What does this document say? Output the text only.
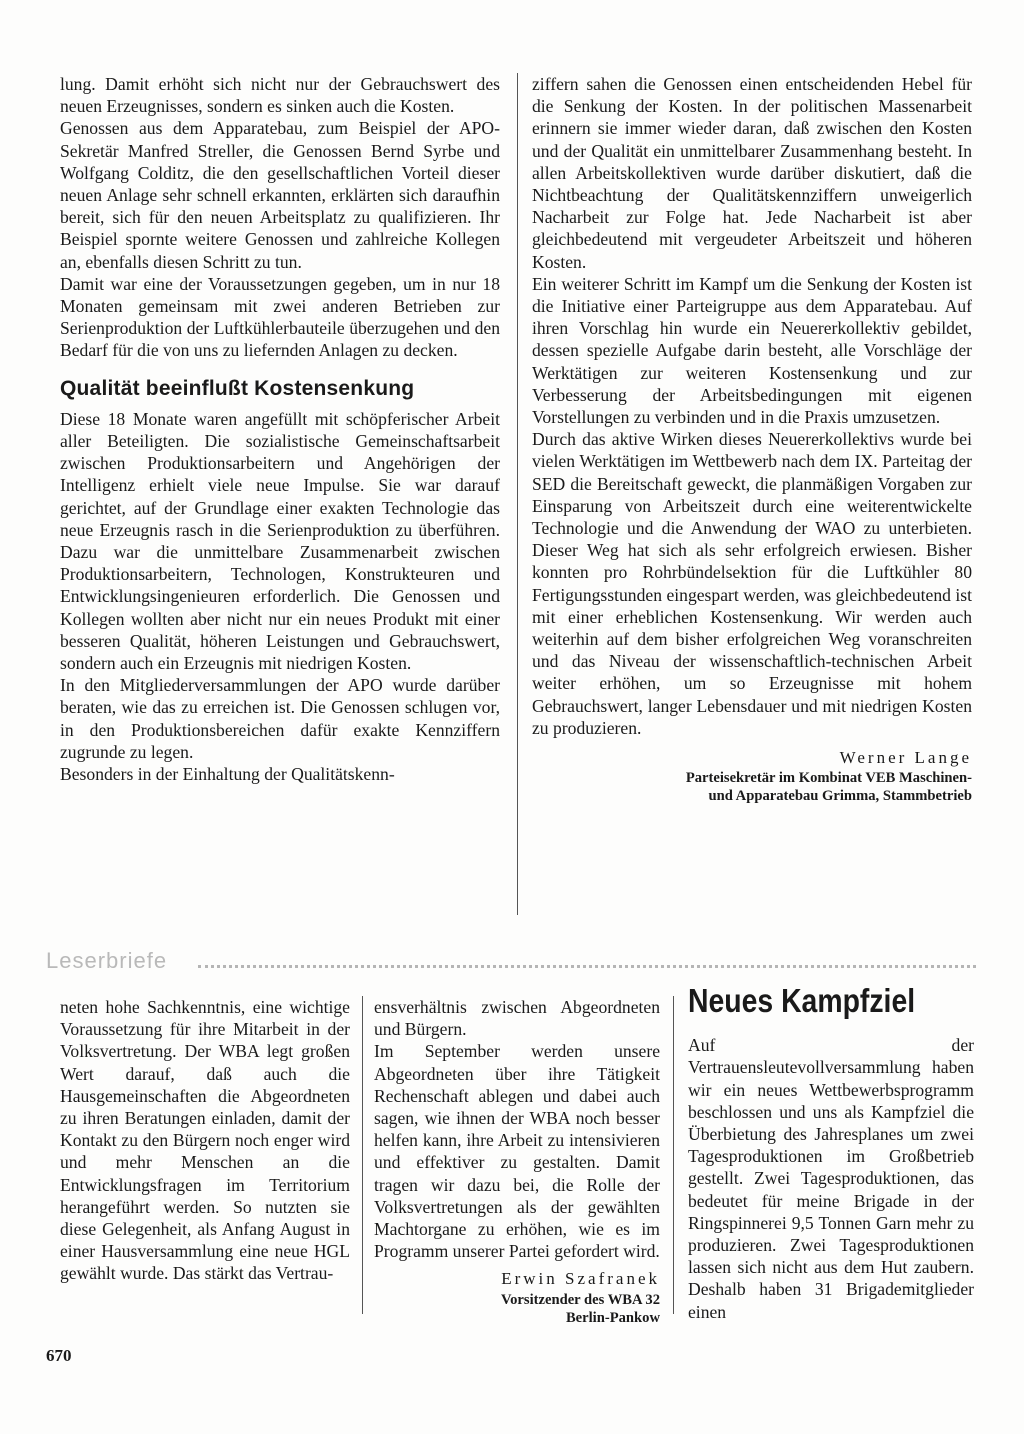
lung. Damit erhöht sich nicht nur der Gebrauchswert des neuen Erzeugnisses, sondern es sinken auch die Kosten.

Genossen aus dem Apparatebau, zum Beispiel der APO-Sekretär Manfred Streller, die Genossen Bernd Syrbe und Wolfgang Colditz, die den gesellschaftlichen Vorteil dieser neuen Anlage sehr schnell erkannten, erklärten sich daraufhin bereit, sich für den neuen Arbeitsplatz zu qualifizieren. Ihr Beispiel spornte weitere Genossen und zahlreiche Kollegen an, ebenfalls diesen Schritt zu tun.

Damit war eine der Voraussetzungen gegeben, um in nur 18 Monaten gemeinsam mit zwei anderen Betrieben zur Serienproduktion der Luftkühlerbauteile überzugehen und den Bedarf für die von uns zu liefernden Anlagen zu decken.

Qualität beeinflußt Kostensenkung

Diese 18 Monate waren angefüllt mit schöpferischer Arbeit aller Beteiligten. Die sozialistische Gemeinschaftsarbeit zwischen Produktionsarbeitern und Angehörigen der Intelligenz erhielt viele neue Impulse. Sie war darauf gerichtet, auf der Grundlage einer exakten Technologie das neue Erzeugnis rasch in die Serienproduktion zu überführen. Dazu war die unmittelbare Zusammenarbeit zwischen Produktionsarbeitern, Technologen, Konstrukteuren und Entwicklungsingenieuren erforderlich. Die Genossen und Kollegen wollten aber nicht nur ein neues Produkt mit einer besseren Qualität, höheren Leistungen und Gebrauchswert, sondern auch ein Erzeugnis mit niedrigen Kosten.

In den Mitgliederversammlungen der APO wurde darüber beraten, wie das zu erreichen ist. Die Genossen schlugen vor, in den Produktionsbereichen dafür exakte Kennziffern zugrunde zu legen.

Besonders in der Einhaltung der Qualitätskenn-

ziffern sahen die Genossen einen entscheidenden Hebel für die Senkung der Kosten. In der politischen Massenarbeit erinnern sie immer wieder daran, daß zwischen den Kosten und der Qualität ein unmittelbarer Zusammenhang besteht. In allen Arbeitskollektiven wurde darüber diskutiert, daß die Nichtbeachtung der Qualitätskennziffern unweigerlich Nacharbeit zur Folge hat. Jede Nacharbeit ist aber gleichbedeutend mit vergeudeter Arbeitszeit und höheren Kosten.

Ein weiterer Schritt im Kampf um die Senkung der Kosten ist die Initiative einer Parteigruppe aus dem Apparatebau. Auf ihren Vorschlag hin wurde ein Neuererkollektiv gebildet, dessen spezielle Aufgabe darin besteht, alle Vorschläge der Werktätigen zur weiteren Kostensenkung und zur Verbesserung der Arbeitsbedingungen mit eigenen Vorstellungen zu verbinden und in die Praxis umzusetzen.

Durch das aktive Wirken dieses Neuererkollektivs wurde bei vielen Werktätigen im Wettbewerb nach dem IX. Parteitag der SED die Bereitschaft geweckt, die planmäßigen Vorgaben zur Einsparung von Arbeitszeit durch eine weiterentwickelte Technologie und die Anwendung der WAO zu unterbieten. Dieser Weg hat sich als sehr erfolgreich erwiesen. Bisher konnten pro Rohrbündelsektion für die Luftkühler 80 Fertigungsstunden eingespart werden, was gleichbedeutend ist mit einer erheblichen Kostensenkung. Wir werden auch weiterhin auf dem bisher erfolgreichen Weg voranschreiten und das Niveau der wissenschaftlich-technischen Arbeit weiter erhöhen, um so Erzeugnisse mit hohem Gebrauchswert, langer Lebensdauer und mit niedrigen Kosten zu produzieren.

Werner Lange
Parteisekretär im Kombinat VEB Maschinen-
und Apparatebau Grimma, Stammbetrieb
Leserbriefe

neten hohe Sachkenntnis, eine wichtige Voraussetzung für ihre Mitarbeit in der Volksvertretung. Der WBA legt großen Wert darauf, daß auch die Hausgemeinschaften die Abgeordneten zu ihren Beratungen einladen, damit der Kontakt zu den Bürgern noch enger wird und mehr Menschen an die Entwicklungsfragen im Territorium herangeführt werden. So nutzten sie diese Gelegenheit, als Anfang August in einer Hausversammlung eine neue HGL gewählt wurde. Das stärkt das Vertrau-

ensverhältnis zwischen Abgeordneten und Bürgern.

Im September werden unsere Abgeordneten über ihre Tätigkeit Rechenschaft ablegen und dabei auch sagen, wie ihnen der WBA noch besser helfen kann, ihre Arbeit zu intensivieren und effektiver zu gestalten. Damit tragen wir dazu bei, die Rolle der Volksvertretungen als der gewählten Machtorgane zu erhöhen, wie es im Programm unserer Partei gefordert wird.

Erwin Szafranek
Vorsitzender des WBA 32
Berlin-Pankow
Neues Kampfziel

Auf der Vertrauensleutevollversammlung haben wir ein neues Wettbewerbsprogramm beschlossen und uns als Kampfziel die Überbietung des Jahresplanes um zwei Tagesproduktionen im Großbetrieb gestellt. Zwei Tagesproduktionen, das bedeutet für meine Brigade in der Ringspinnerei 9,5 Tonnen Garn mehr zu produzieren. Zwei Tagesproduktionen lassen sich nicht aus dem Hut zaubern. Deshalb haben 31 Brigademitglieder einen

670
